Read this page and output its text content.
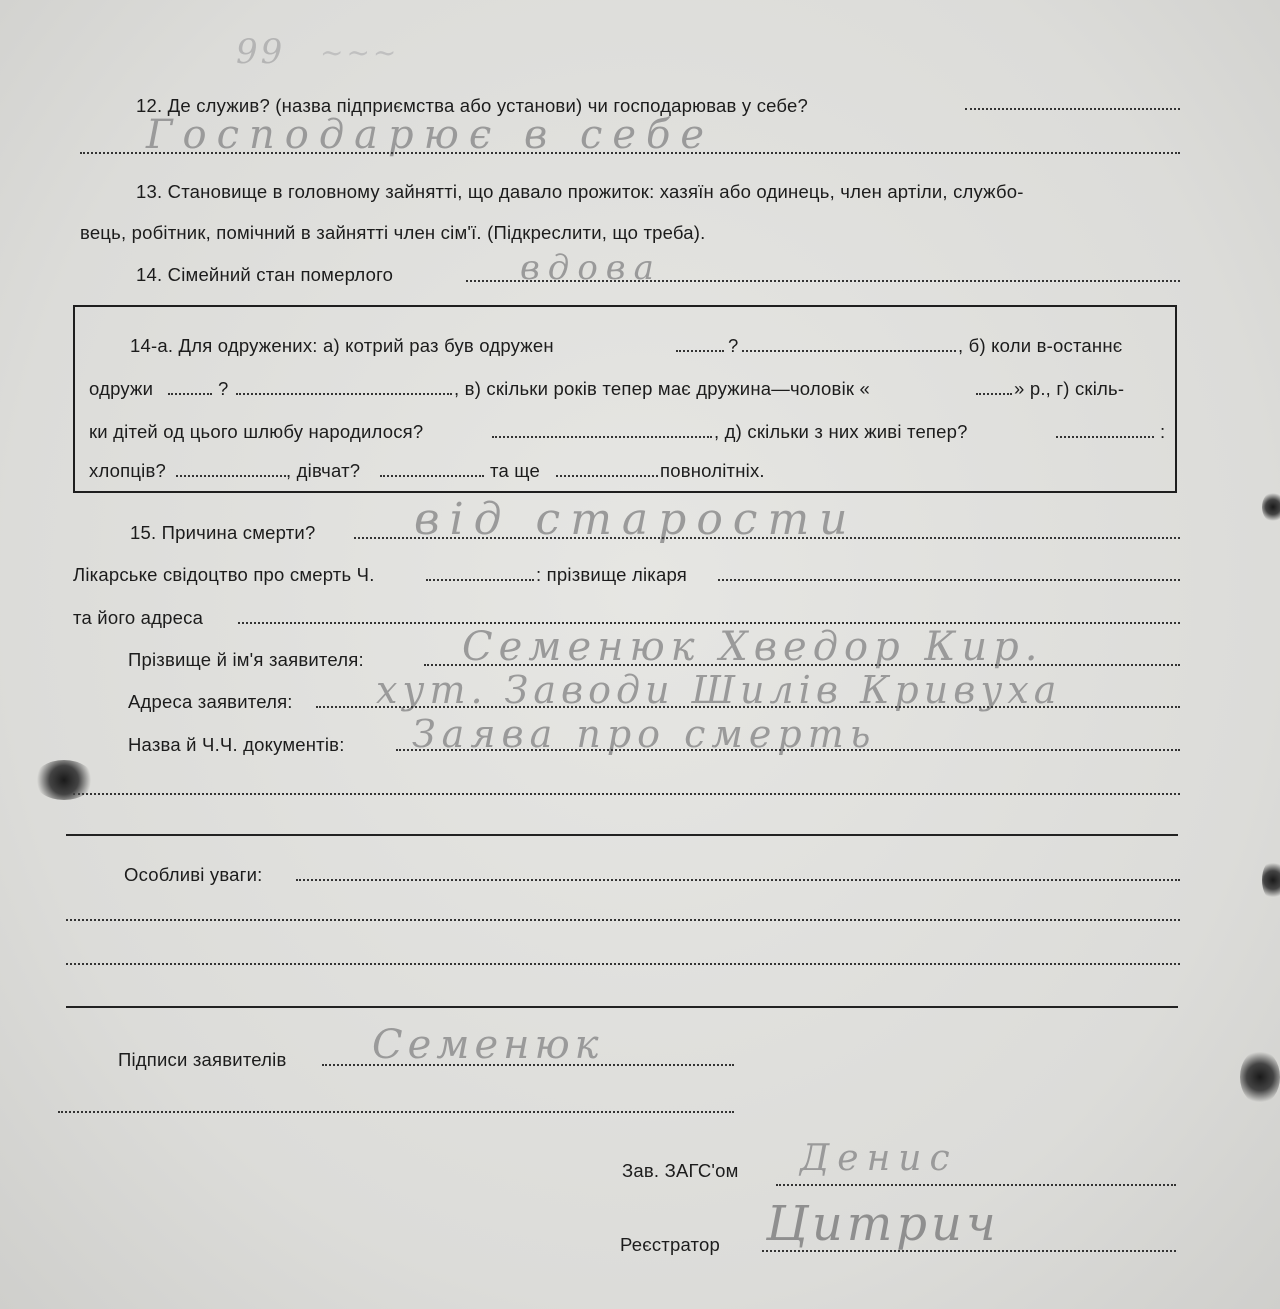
99 ~~~
12. Де служив? (назва підприємства або установи) чи господарював у себе?
Господарює в себе
13. Становище в головному зайнятті, що давало прожиток: хазяїн або одинець, член артіли, службо-
вець, робітник, помічний в зайнятті член сім'ї. (Підкреслити, що треба).
14. Сімейний стан померлого	вдова
14-а. Для одружених: а) котрий раз був одружен	?	, б) коли в-останнє
одружи	?	, в) скільки років тепер має дружина—чоловік «	» р., г) скіль-
ки дітей од цього шлюбу народилося?	, д) скільки з них живі тепер?	:
хлопців?	, дівчат?	та ще	повнолітніх.
15. Причина смерти? від старости
Лікарське свідоцтво про смерть Ч.	: прізвище лікаря
та його адреса
Прізвище й ім'я заявителя: Семенюк Хведор Кир.
Адреса заявителя: хут. Заводи Шилів Кривуха
Назва й Ч.Ч. документів: Заява про смерть
Особливі уваги:
Підписи заявителів Семенюк
Зав. ЗАГС'ом Денис
Реєстратор Цитрич
